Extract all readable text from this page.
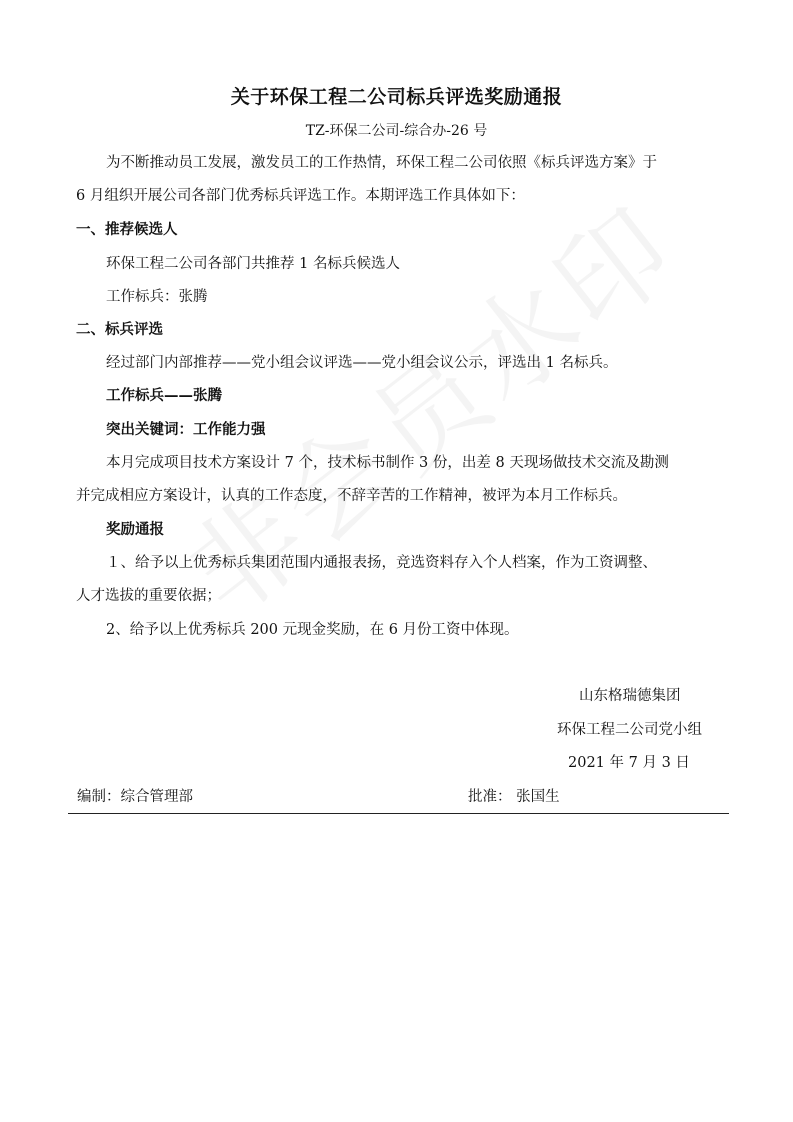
关于环保工程二公司标兵评选奖励通报
TZ-环保二公司-综合办-26 号
为不断推动员工发展，激发员工的工作热情，环保工程二公司依照《标兵评选方案》于
6 月组织开展公司各部门优秀标兵评选工作。本期评选工作具体如下：
一、推荐候选人
环保工程二公司各部门共推荐 1 名标兵候选人
工作标兵：张腾
二、标兵评选
经过部门内部推荐——党小组会议评选——党小组会议公示，评选出 1 名标兵。
工作标兵——张腾
突出关键词：工作能力强
本月完成项目技术方案设计 7 个，技术标书制作 3 份，出差 8 天现场做技术交流及勘测
并完成相应方案设计，认真的工作态度，不辞辛苦的工作精神，被评为本月工作标兵。
奖励通报
１、给予以上优秀标兵集团范围内通报表扬，竞选资料存入个人档案，作为工资调整、
人才选拔的重要依据；
2、给予以上优秀标兵 200 元现金奖励，在 6 月份工资中体现。
山东格瑞德集团
环保工程二公司党小组
2021 年 7 月 3 日
编制：综合管理部	批准： 张国生
